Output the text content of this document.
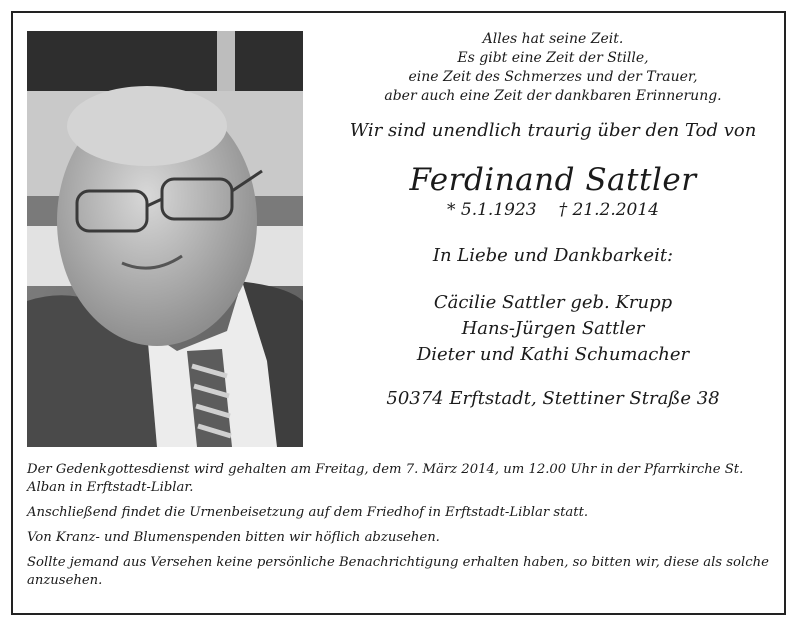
Alles hat seine Zeit.
Es gibt eine Zeit der Stille,
eine Zeit des Schmerzes und der Trauer,
aber auch eine Zeit der dankbaren Erinnerung.
Wir sind unendlich traurig über den Tod von
Ferdinand Sattler
* 5.1.1923 † 21.2.2014
In Liebe und Dankbarkeit:
Cäcilie Sattler geb. Krupp
Hans-Jürgen Sattler
Dieter und Kathi Schumacher
50374 Erftstadt, Stettiner Straße 38

Der Gedenkgottesdienst wird gehalten am Freitag, dem 7. März 2014, um 12.00 Uhr in der Pfarrkirche St. Alban in Erftstadt-Liblar.

Anschließend findet die Urnenbeisetzung auf dem Friedhof in Erftstadt-Liblar statt.

Von Kranz- und Blumenspenden bitten wir höflich abzusehen.

Sollte jemand aus Versehen keine persönliche Benachrichtigung erhalten haben, so bitten wir, diese als solche anzusehen.
